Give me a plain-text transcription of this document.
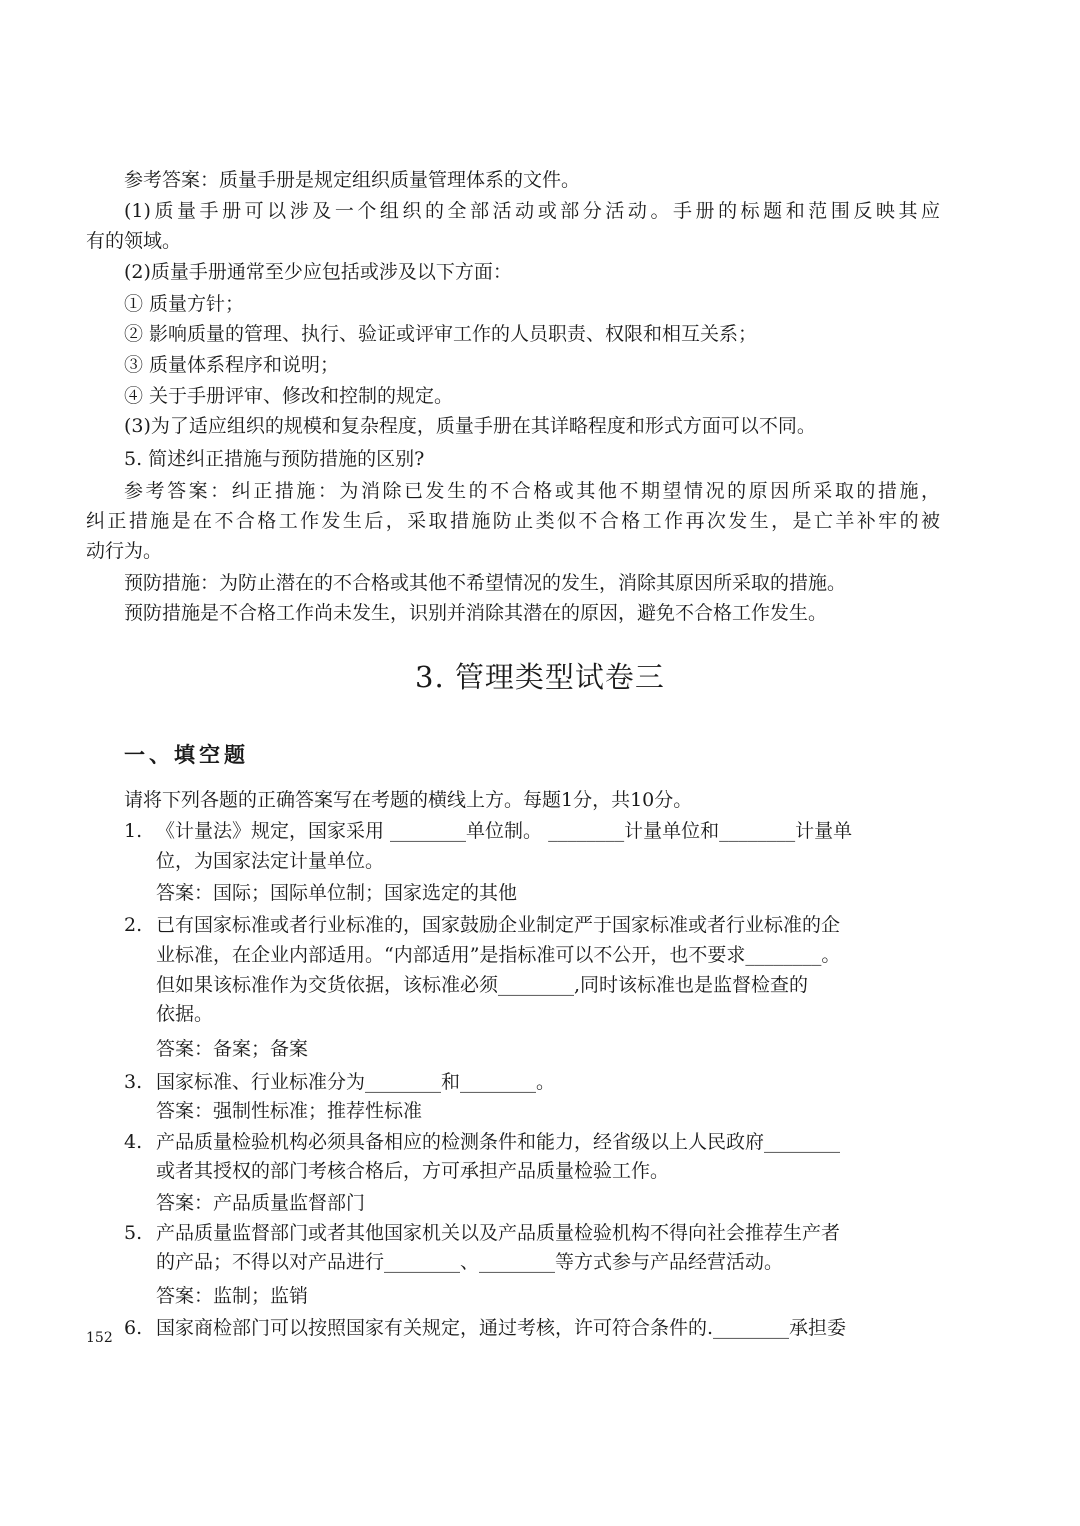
参考答案：质量手册是规定组织质量管理体系的文件。
(1)质量手册可以涉及一个组织的全部活动或部分活动。手册的标题和范围反映其应
有的领域。
(2)质量手册通常至少应包括或涉及以下方面：
① 质量方针；
② 影响质量的管理、执行、验证或评审工作的人员职责、权限和相互关系；
③ 质量体系程序和说明；
④ 关于手册评审、修改和控制的规定。
(3)为了适应组织的规模和复杂程度，质量手册在其详略程度和形式方面可以不同。
5. 简述纠正措施与预防措施的区别?
参考答案：纠正措施：为消除已发生的不合格或其他不期望情况的原因所采取的措施，
纠正措施是在不合格工作发生后，采取措施防止类似不合格工作再次发生，是亡羊补牢的被
动行为。
预防措施：为防止潜在的不合格或其他不希望情况的发生，消除其原因所采取的措施。
预防措施是不合格工作尚未发生，识别并消除其潜在的原因，避免不合格工作发生。
3. 管理类型试卷三
一、填空题
请将下列各题的正确答案写在考题的横线上方。每题1分，共10分。
1. 《计量法》规定，国家采用 ________单位制。 ________计量单位和________计量单
位，为国家法定计量单位。
答案：国际；国际单位制；国家选定的其他
2. 已有国家标准或者行业标准的，国家鼓励企业制定严于国家标准或者行业标准的企
业标准，在企业内部适用。“内部适用”是指标准可以不公开，也不要求________。
但如果该标准作为交货依据，该标准必须________,同时该标准也是监督检查的
依据。
答案：备案；备案
3. 国家标准、行业标准分为________和________。
答案：强制性标准；推荐性标准
4. 产品质量检验机构必须具备相应的检测条件和能力，经省级以上人民政府________
或者其授权的部门考核合格后，方可承担产品质量检验工作。
答案：产品质量监督部门
5. 产品质量监督部门或者其他国家机关以及产品质量检验机构不得向社会推荐生产者
的产品；不得以对产品进行________、________等方式参与产品经营活动。
答案：监制；监销
6. 国家商检部门可以按照国家有关规定，通过考核，许可符合条件的.________承担委
152
